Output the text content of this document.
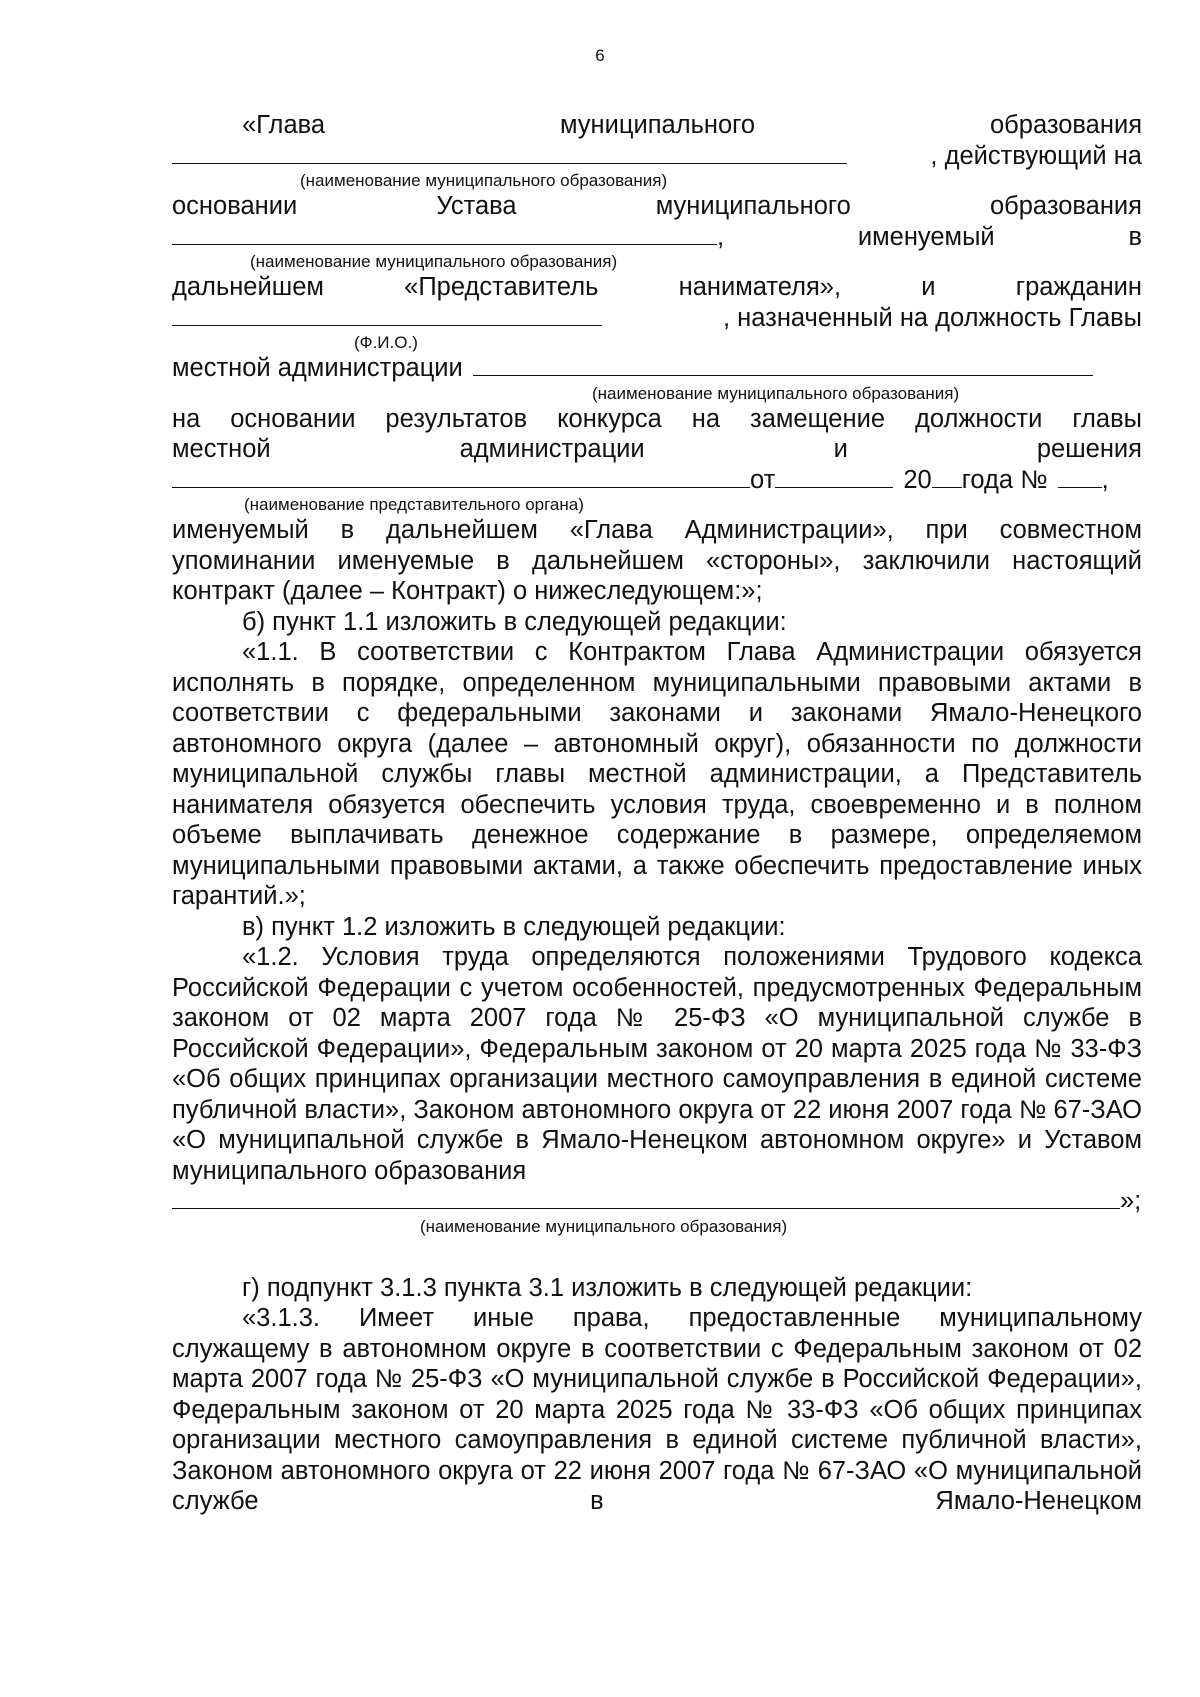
6
«Глава	муниципального	образования
, действующий на
(наименование муниципального образования)
основании	Устава	муниципального	образования
,	именуемый	в
(наименование муниципального образования)
дальнейшем	«Представитель	нанимателя»,	и	гражданин
, назначенный на должность Главы
(Ф.И.О.)
местной администрации
(наименование муниципального образования)
на основании результатов конкурса на замещение должности главы
местной	администрации	и	решения
от	20 года № ,
(наименование представительного органа)
именуемый в дальнейшем «Глава Администрации», при совместном
упоминании именуемые в дальнейшем «стороны», заключили настоящий
контракт (далее – Контракт) о нижеследующем:»;
б) пункт 1.1 изложить в следующей редакции:
«1.1. В соответствии с Контрактом Глава Администрации обязуется
исполнять в порядке, определенном муниципальными правовыми актами в соответствии с федеральными законами и законами Ямало-Ненецкого автономного округа (далее – автономный округ), обязанности по должности муниципальной службы главы местной администрации, а Представитель нанимателя обязуется обеспечить условия труда, своевременно и в полном объеме выплачивать денежное содержание в размере, определяемом муниципальными правовыми актами, а также обеспечить предоставление иных гарантий.»;
в) пункт 1.2 изложить в следующей редакции:
«1.2. Условия труда определяются положениями Трудового кодекса
Российской Федерации с учетом особенностей, предусмотренных Федеральным законом от 02 марта 2007 года № 25-ФЗ «О муниципальной службе в Российской Федерации», Федеральным законом от 20 марта 2025 года № 33-ФЗ «Об общих принципах организации местного самоуправления в единой системе публичной власти», Законом автономного округа от 22 июня 2007 года № 67-ЗАО «О муниципальной службе в Ямало-Ненецком автономном округе» и Уставом
муниципального образования
»;
(наименование муниципального образования)
г) подпункт 3.1.3 пункта 3.1 изложить в следующей редакции:
«3.1.3. Имеет иные права, предоставленные муниципальному
служащему в автономном округе в соответствии с Федеральным законом от 02 марта 2007 года № 25-ФЗ «О муниципальной службе в Российской Федерации», Федеральным законом от 20 марта 2025 года № 33-ФЗ «Об общих принципах организации местного самоуправления в единой системе публичной власти», Законом автономного округа от 22 июня 2007 года № 67-ЗАО «О муниципальной службе в Ямало-Ненецком
